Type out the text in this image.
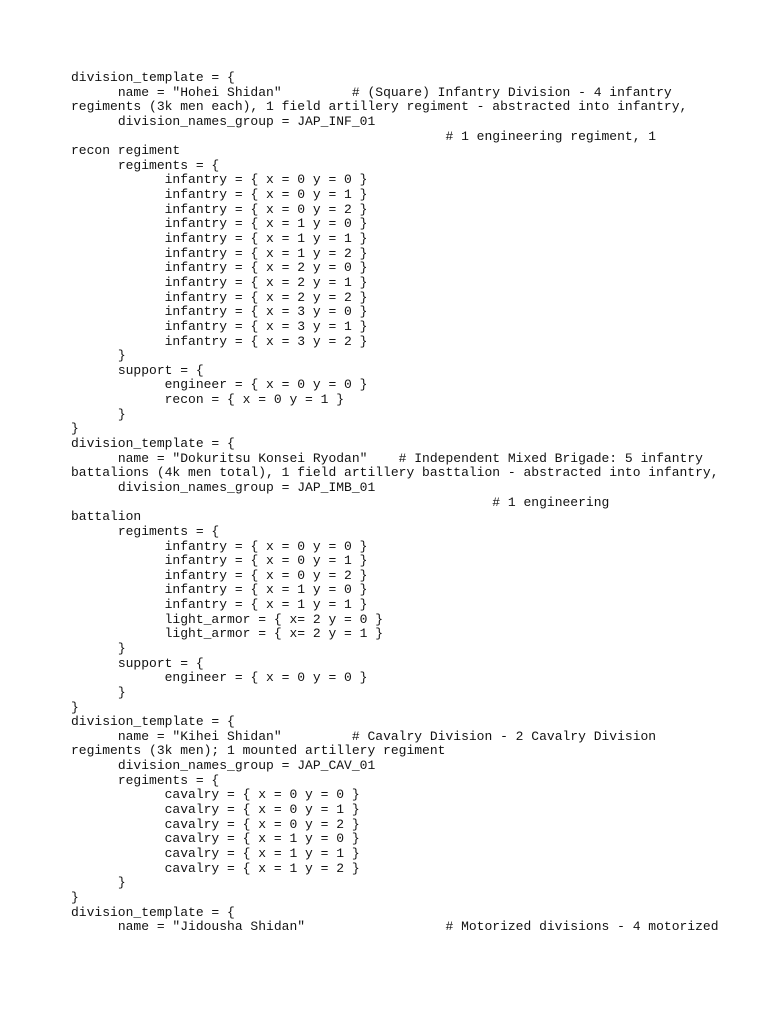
division_template = {
	name = "Hohei Shidan"		# (Square) Infantry Division - 4 infantry
regiments (3k men each), 1 field artillery regiment - abstracted into infantry,
	division_names_group = JAP_INF_01
								# 1 engineering regiment, 1
recon regiment
	regiments = {
		infantry = { x = 0 y = 0 }
		infantry = { x = 0 y = 1 }
		infantry = { x = 0 y = 2 }
		infantry = { x = 1 y = 0 }
		infantry = { x = 1 y = 1 }
		infantry = { x = 1 y = 2 }
		infantry = { x = 2 y = 0 }
		infantry = { x = 2 y = 1 }
		infantry = { x = 2 y = 2 }
		infantry = { x = 3 y = 0 }
		infantry = { x = 3 y = 1 }
		infantry = { x = 3 y = 2 }
	}
	support = {
		engineer = { x = 0 y = 0 }
		recon = { x = 0 y = 1 }
	}
}
division_template = {
	name = "Dokuritsu Konsei Ryodan"	# Independent Mixed Brigade: 5 infantry
battalions (4k men total), 1 field artillery basttalion - abstracted into infantry,
	division_names_group = JAP_IMB_01
									# 1 engineering
battalion
	regiments = {
		infantry = { x = 0 y = 0 }
		infantry = { x = 0 y = 1 }
		infantry = { x = 0 y = 2 }
		infantry = { x = 1 y = 0 }
		infantry = { x = 1 y = 1 }
		light_armor = { x= 2 y = 0 }
		light_armor = { x= 2 y = 1 }
	}
	support = {
		engineer = { x = 0 y = 0 }
	}
}
division_template = {
	name = "Kihei Shidan"		# Cavalry Division - 2 Cavalry Division
regiments (3k men); 1 mounted artillery regiment
	division_names_group = JAP_CAV_01
	regiments = {
		cavalry = { x = 0 y = 0 }
		cavalry = { x = 0 y = 1 }
		cavalry = { x = 0 y = 2 }
		cavalry = { x = 1 y = 0 }
		cavalry = { x = 1 y = 1 }
		cavalry = { x = 1 y = 2 }
	}
}
division_template = {
	name = "Jidousha Shidan"			# Motorized divisions - 4 motorized
